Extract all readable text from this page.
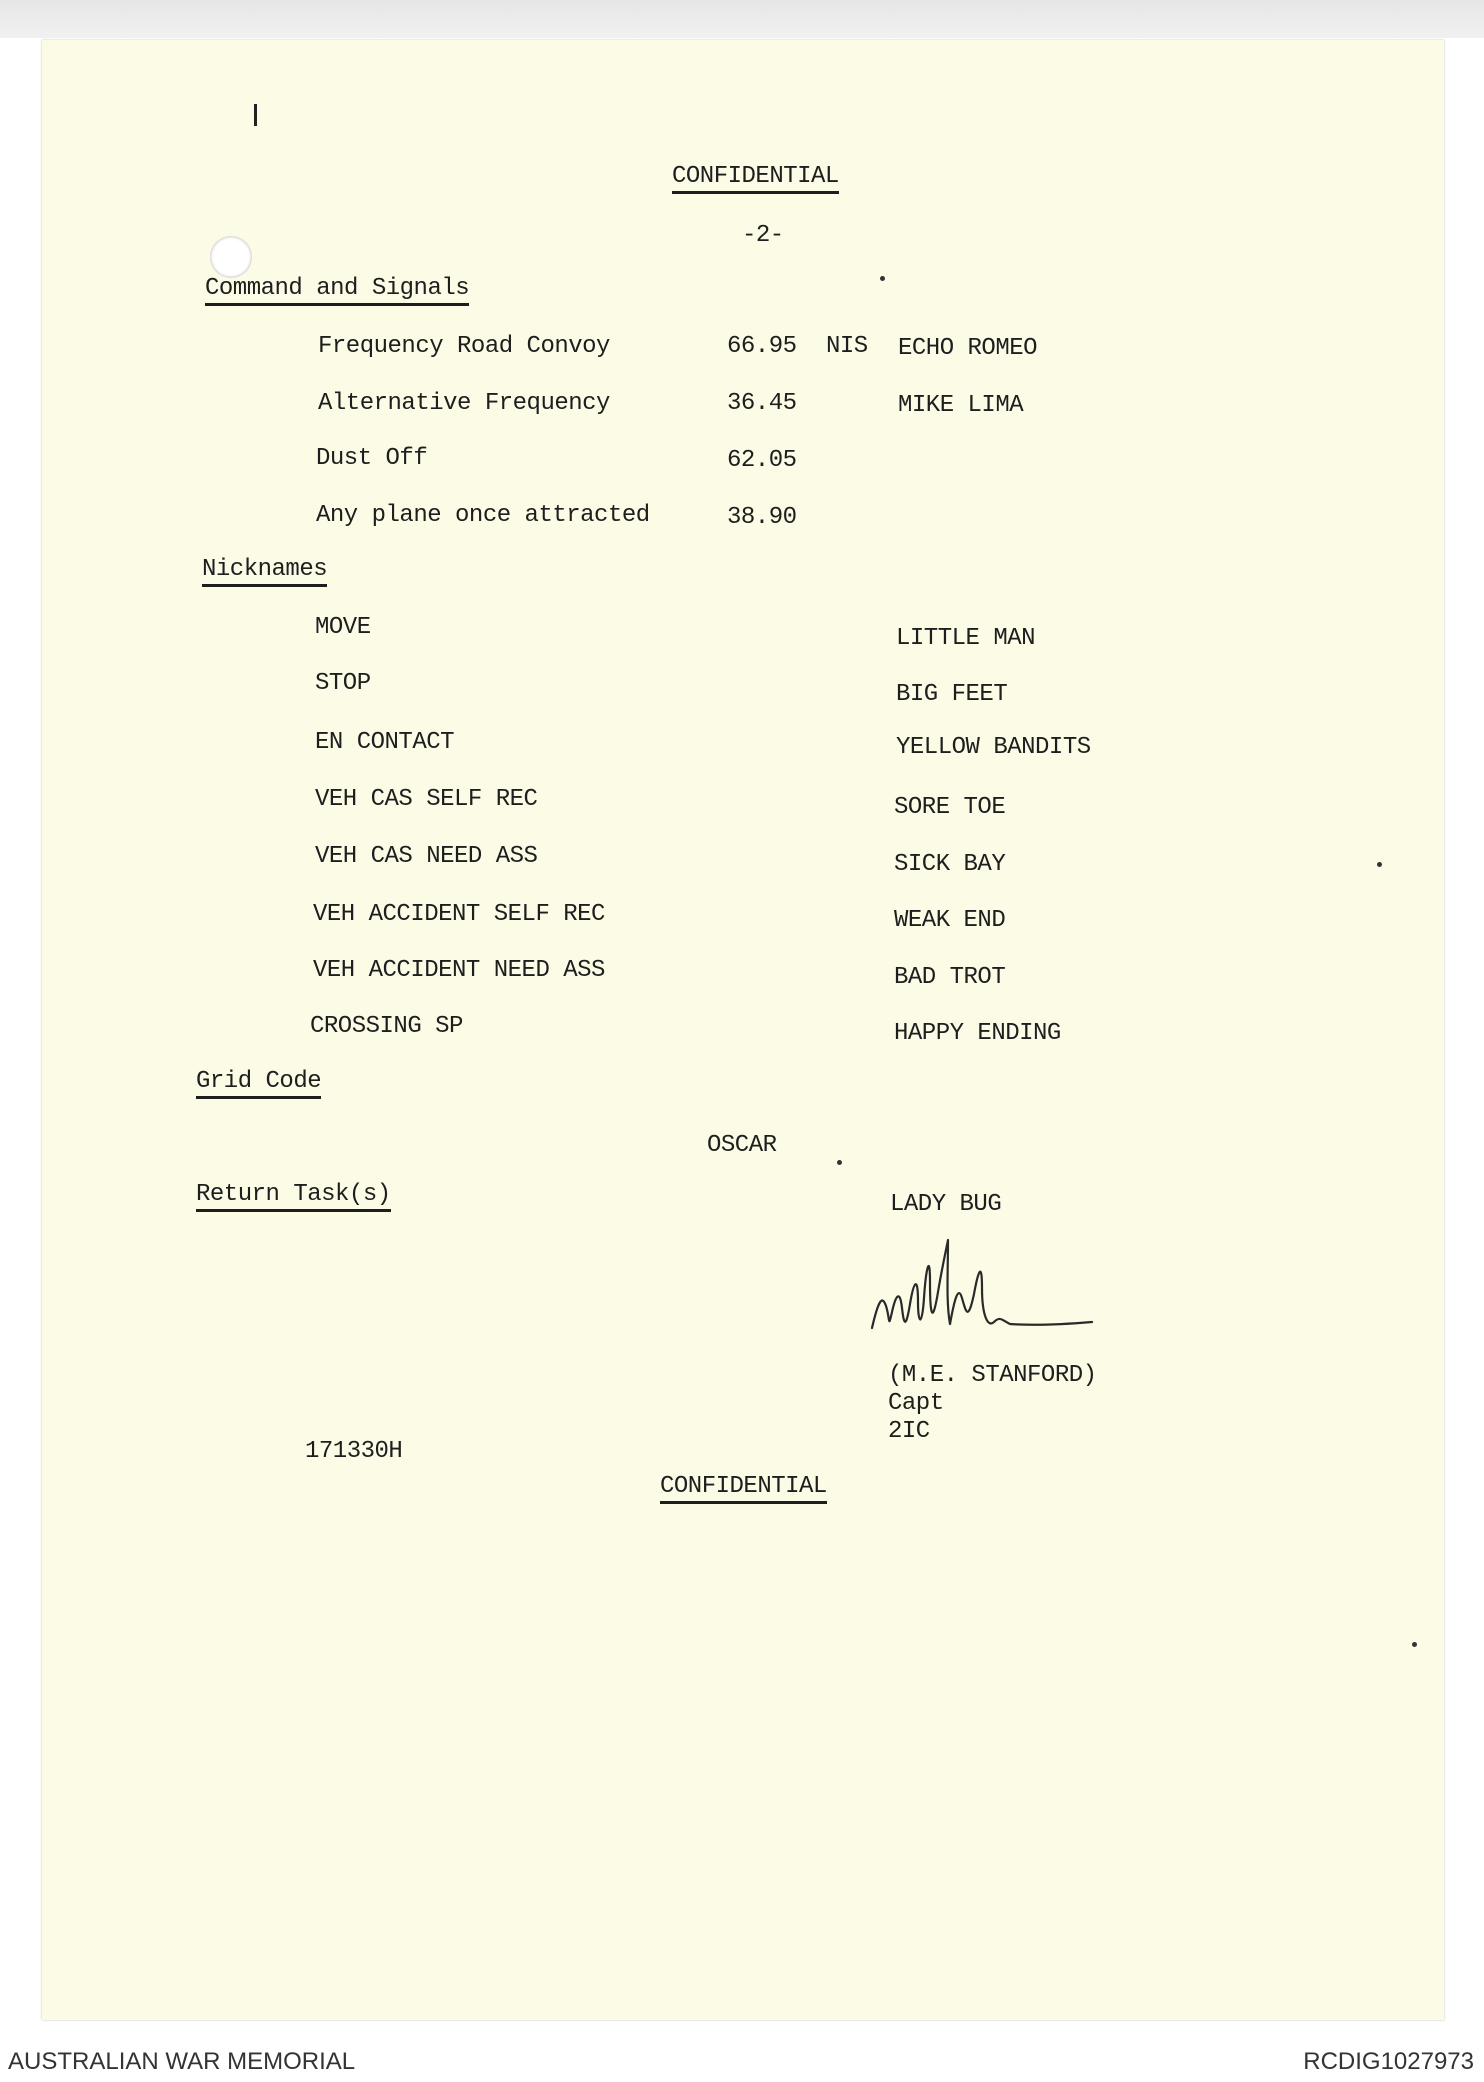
CONFIDENTIAL
-2-
Command and Signals
Frequency Road Convoy	66.95 NIS ECHO ROMEO
Alternative Frequency	36.45	MIKE LIMA
Dust Off	62.05
Any plane once attracted	38.90
Nicknames
MOVE	LITTLE MAN
STOP	BIG FEET
EN CONTACT	YELLOW BANDITS
VEH CAS SELF REC	SORE TOE
VEH CAS NEED ASS	SICK BAY
VEH ACCIDENT SELF REC	WEAK END
VEH ACCIDENT NEED ASS	BAD TROT
CROSSING SP	HAPPY ENDING
Grid Code
OSCAR
Return Task(s)	LADY BUG
(M.E. STANFORD)
Capt
2IC
171330H
CONFIDENTIAL
AUSTRALIAN WAR MEMORIAL	RCDIG1027973
